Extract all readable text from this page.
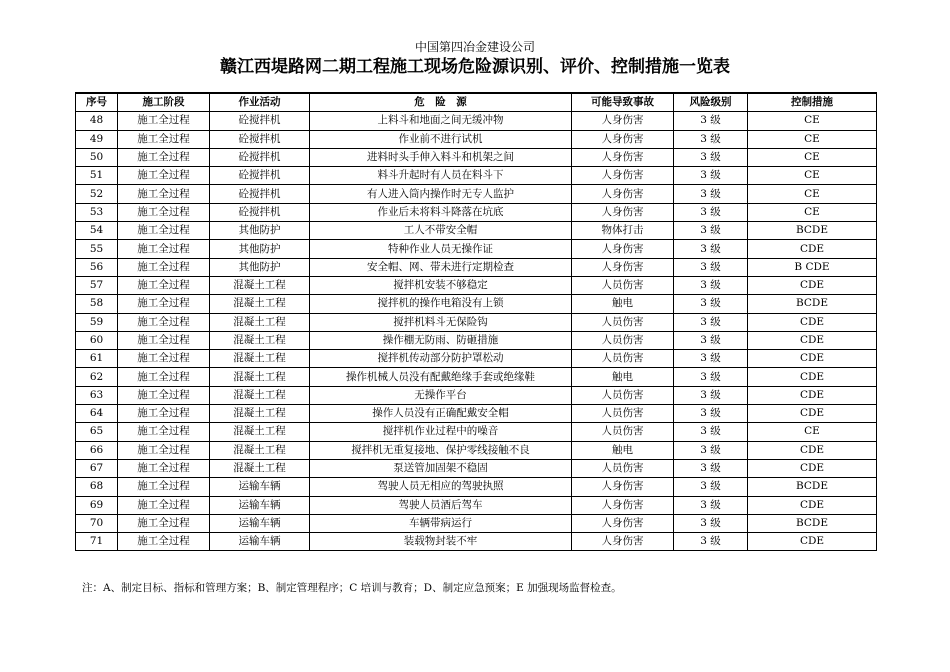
中国第四冶金建设公司
赣江西堤路网二期工程施工现场危险源识别、评价、控制措施一览表
序号	施工阶段	作业活动	危　险　源	可能导致事故	风险级别	控制措施
48	施工全过程	砼搅拌机	上料斗和地面之间无缓冲物	人身伤害	3 级	CE
49	施工全过程	砼搅拌机	作业前不进行试机	人身伤害	3 级	CE
50	施工全过程	砼搅拌机	进料时头手伸入料斗和机架之间	人身伤害	3 级	CE
51	施工全过程	砼搅拌机	料斗升起时有人员在料斗下	人身伤害	3 级	CE
52	施工全过程	砼搅拌机	有人进入筒内操作时无专人监护	人身伤害	3 级	CE
53	施工全过程	砼搅拌机	作业后未将料斗降落在坑底	人身伤害	3 级	CE
54	施工全过程	其他防护	工人不带安全帽	物体打击	3 级	BCDE
55	施工全过程	其他防护	特种作业人员无操作证	人身伤害	3 级	CDE
56	施工全过程	其他防护	安全帽、网、带未进行定期检查	人身伤害	3 级	B CDE
57	施工全过程	混凝土工程	搅拌机安装不够稳定	人员伤害	3 级	CDE
58	施工全过程	混凝土工程	搅拌机的操作电箱没有上锁	触电	3 级	BCDE
59	施工全过程	混凝土工程	搅拌机料斗无保险钩	人员伤害	3 级	CDE
60	施工全过程	混凝土工程	操作棚无防雨、防砸措施	人员伤害	3 级	CDE
61	施工全过程	混凝土工程	搅拌机传动部分防护罩松动	人员伤害	3 级	CDE
62	施工全过程	混凝土工程	操作机械人员没有配戴绝缘手套或绝缘鞋	触电	3 级	CDE
63	施工全过程	混凝土工程	无操作平台	人员伤害	3 级	CDE
64	施工全过程	混凝土工程	操作人员没有正确配戴安全帽	人员伤害	3 级	CDE
65	施工全过程	混凝土工程	搅拌机作业过程中的噪音	人员伤害	3 级	CE
66	施工全过程	混凝土工程	搅拌机无重复接地、保护零线接触不良	触电	3 级	CDE
67	施工全过程	混凝土工程	泵送管加固架不稳固	人员伤害	3 级	CDE
68	施工全过程	运输车辆	驾驶人员无相应的驾驶执照	人身伤害	3 级	BCDE
69	施工全过程	运输车辆	驾驶人员酒后驾车	人身伤害	3 级	CDE
70	施工全过程	运输车辆	车辆带病运行	人身伤害	3 级	BCDE
71	施工全过程	运输车辆	装载物封装不牢	人身伤害	3 级	CDE
注：A、制定目标、指标和管理方案；B、制定管理程序；C 培训与教育；D、制定应急预案；E 加强现场监督检查。
